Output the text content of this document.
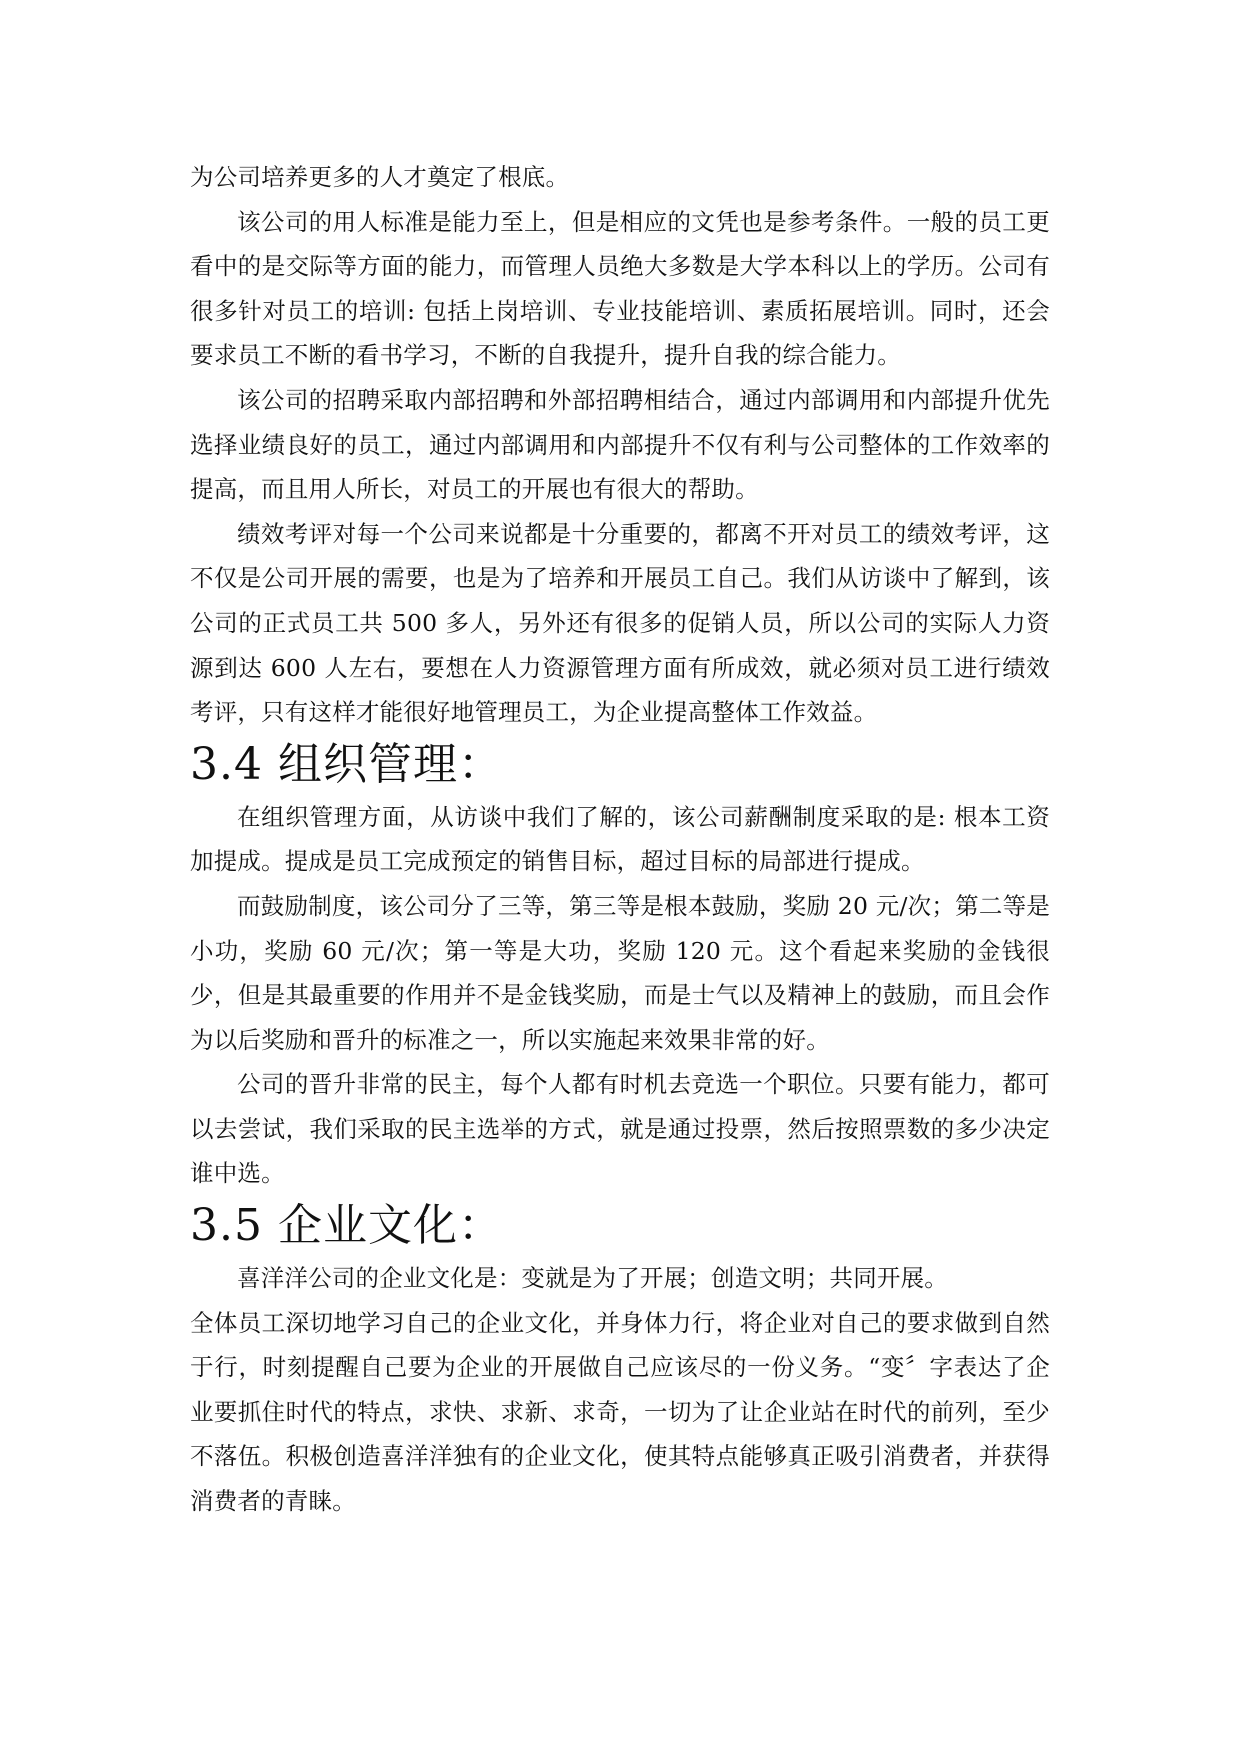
为公司培养更多的人才奠定了根底。

该公司的用人标准是能力至上，但是相应的文凭也是参考条件。一般的员工更看中的是交际等方面的能力，而管理人员绝大多数是大学本科以上的学历。公司有很多针对员工的培训: 包括上岗培训、专业技能培训、素质拓展培训。同时，还会要求员工不断的看书学习，不断的自我提升，提升自我的综合能力。

该公司的招聘采取内部招聘和外部招聘相结合，通过内部调用和内部提升优先选择业绩良好的员工，通过内部调用和内部提升不仅有利与公司整体的工作效率的提高，而且用人所长，对员工的开展也有很大的帮助。

绩效考评对每一个公司来说都是十分重要的，都离不开对员工的绩效考评，这不仅是公司开展的需要，也是为了培养和开展员工自己。我们从访谈中了解到，该公司的正式员工共 500 多人，另外还有很多的促销人员，所以公司的实际人力资源到达 600 人左右，要想在人力资源管理方面有所成效，就必须对员工进行绩效考评，只有这样才能很好地管理员工，为企业提高整体工作效益。

3.4 组织管理：

在组织管理方面，从访谈中我们了解的，该公司薪酬制度采取的是: 根本工资加提成。提成是员工完成预定的销售目标，超过目标的局部进行提成。

而鼓励制度，该公司分了三等，第三等是根本鼓励，奖励 20 元/次；第二等是小功，奖励 60 元/次；第一等是大功，奖励 120 元。这个看起来奖励的金钱很少，但是其最重要的作用并不是金钱奖励，而是士气以及精神上的鼓励，而且会作为以后奖励和晋升的标准之一，所以实施起来效果非常的好。

公司的晋升非常的民主，每个人都有时机去竞选一个职位。只要有能力，都可以去尝试，我们采取的民主选举的方式，就是通过投票，然后按照票数的多少决定谁中选。

3.5 企业文化：

喜洋洋公司的企业文化是：变就是为了开展；创造文明；共同开展。

全体员工深切地学习自己的企业文化，并身体力行，将企业对自己的要求做到自然于行，时刻提醒自己要为企业的开展做自己应该尽的一份义务。“变〞字表达了企业要抓住时代的特点，求快、求新、求奇，一切为了让企业站在时代的前列，至少不落伍。积极创造喜洋洋独有的企业文化，使其特点能够真正吸引消费者，并获得消费者的青睐。
